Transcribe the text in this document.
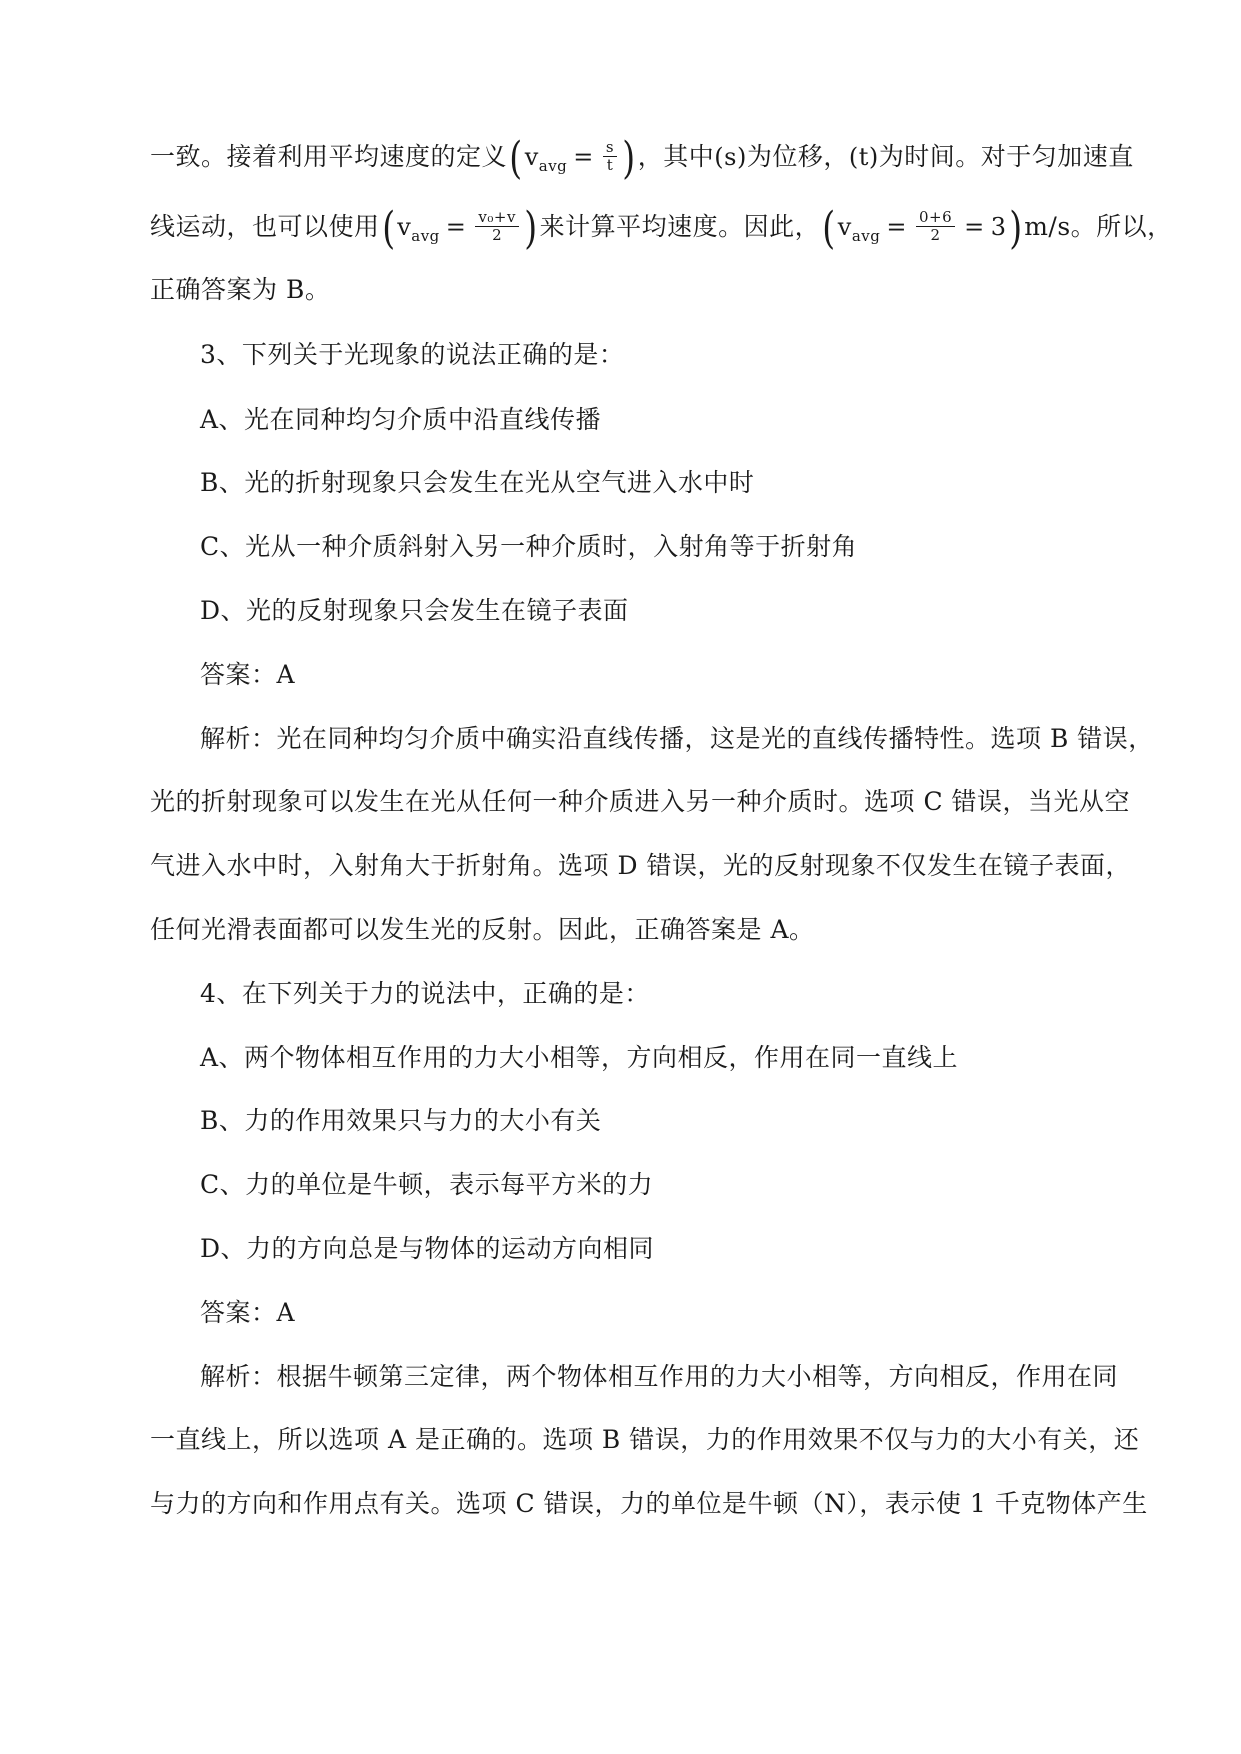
一致。接着利用平均速度的定义($v_{avg} = \frac{s}{t}$ )，其中(s)为位移，(t)为时间。对于匀加速直
线运动，也可以使用($v_{avg} = \frac{\text{v₀+v}}{2}$ )来计算平均速度。因此，$(v_{avg} = \frac{0+6}{2} = 3)m/s$。所以，
正确答案为 B。
3、下列关于光现象的说法正确的是：
A、光在同种均匀介质中沿直线传播
B、光的折射现象只会发生在光从空气进入水中时
C、光从一种介质斜射入另一种介质时，入射角等于折射角
D、光的反射现象只会发生在镜子表面
答案：A
解析：光在同种均匀介质中确实沿直线传播，这是光的直线传播特性。选项 B 错误，
光的折射现象可以发生在光从任何一种介质进入另一种介质时。选项 C 错误，当光从空
气进入水中时，入射角大于折射角。选项 D 错误，光的反射现象不仅发生在镜子表面，
任何光滑表面都可以发生光的反射。因此，正确答案是 A。
4、在下列关于力的说法中，正确的是：
A、两个物体相互作用的力大小相等，方向相反，作用在同一直线上
B、力的作用效果只与力的大小有关
C、力的单位是牛顿，表示每平方米的力
D、力的方向总是与物体的运动方向相同
答案：A
解析：根据牛顿第三定律，两个物体相互作用的力大小相等，方向相反，作用在同
一直线上，所以选项 A 是正确的。选项 B 错误，力的作用效果不仅与力的大小有关，还
与力的方向和作用点有关。选项 C 错误，力的单位是牛顿（N），表示使 1 千克物体产生
